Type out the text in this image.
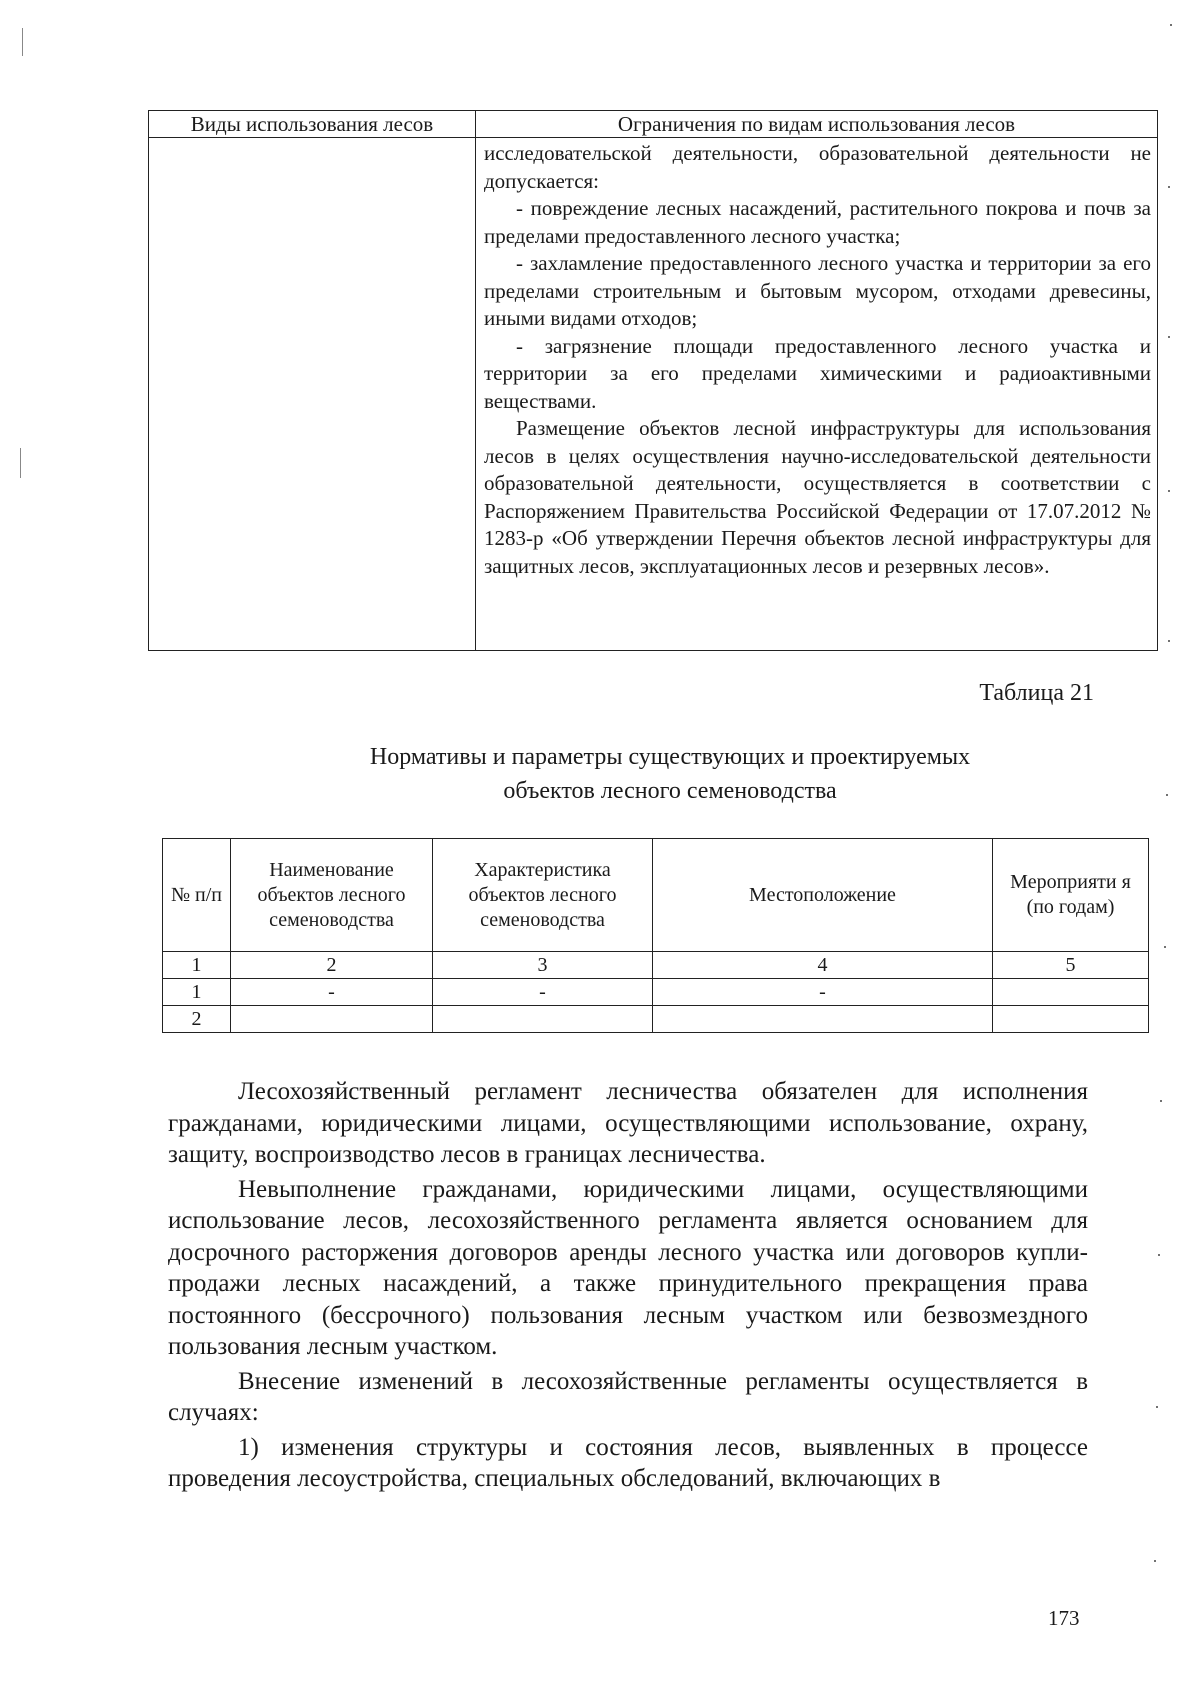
Виды использования лесов	Ограничения по видам использования лесов

	исследовательской деятельности, образовательной деятельности не допускается:

- повреждение лесных насаждений, растительного покрова и почв за пределами предоставленного лесного участка;

- захламление предоставленного лесного участка и территории за его пределами строительным и бытовым мусором, отходами древесины, иными видами отходов;

- загрязнение площади предоставленного лесного участка и территории за его пределами химическими и радиоактивными веществами.

Размещение объектов лесной инфраструктуры для использования лесов в целях осуществления научно-исследовательской деятельности образовательной деятельности, осуществляется в соответствии с Распоряжением Правительства Российской Федерации от 17.07.2012 № 1283-р «Об утверждении Перечня объектов лесной инфраструктуры для защитных лесов, эксплуатационных лесов и резервных лесов».

Таблица 21
Нормативы и параметры существующих и проектируемых
объектов лесного семеноводства
№ п/п	Наименование объектов лесного семеноводства	Характеристика объектов лесного семеноводства	Местоположение	Мероприяти я (по годам)
1	2	3	4	5
1	-	-	-	
2				

Лесохозяйственный регламент лесничества обязателен для исполнения гражданами, юридическими лицами, осуществляющими использование, охрану, защиту, воспроизводство лесов в границах лесничества.

Невыполнение гражданами, юридическими лицами, осуществляющими использование лесов, лесохозяйственного регламента является основанием для досрочного расторжения договоров аренды лесного участка или договоров купли-продажи лесных насаждений, а также принудительного прекращения права постоянного (бессрочного) пользования лесным участком или безвозмездного пользования лесным участком.

Внесение изменений в лесохозяйственные регламенты осуществляется в случаях:

1) изменения структуры и состояния лесов, выявленных в процессе проведения лесоустройства, специальных обследований, включающих в

173
